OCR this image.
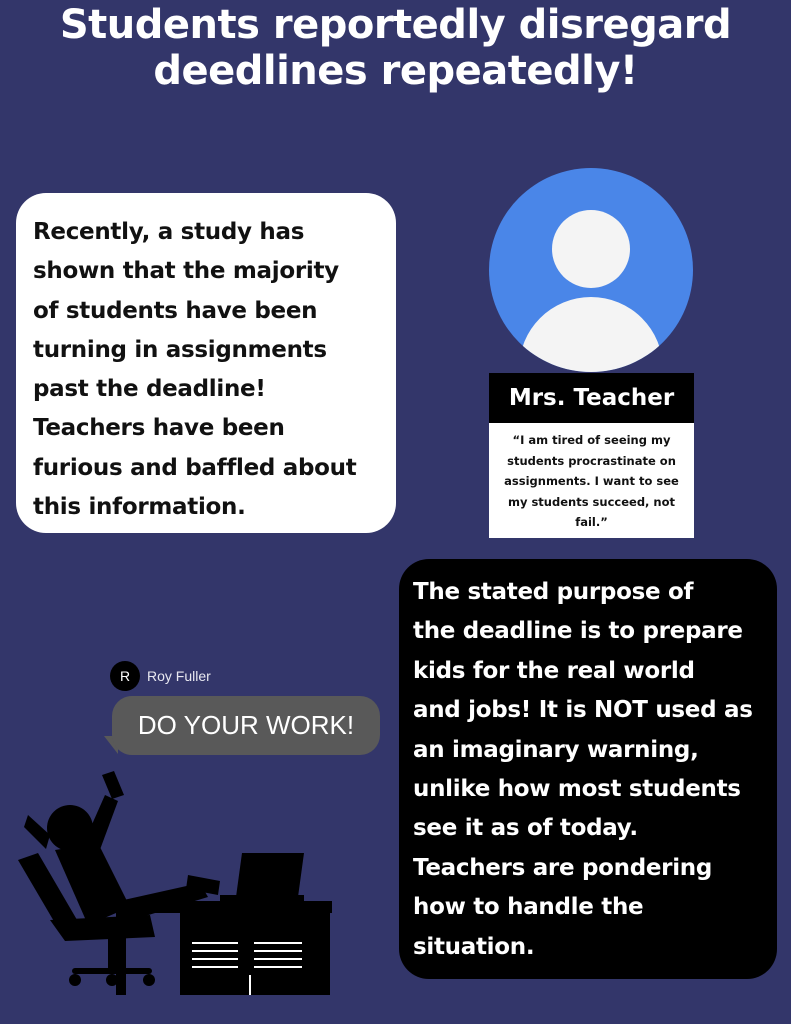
Students reportedly disregard
deedlines repeatedly!
Recently, a study has
shown that the majority
of students have been
turning in assignments
past the deadline!
Teachers have been
furious and baffled about
this information.
Mrs. Teacher
“I am tired of seeing my
students procrastinate on
assignments. I want to see
my students succeed, not
fail.”
The stated purpose of
the deadline is to prepare
kids for the real world
and jobs! It is NOT used as
an imaginary warning,
unlike how most students
see it as of today.
Teachers are pondering
how to handle the
situation.
R	Roy Fuller
DO YOUR WORK!
